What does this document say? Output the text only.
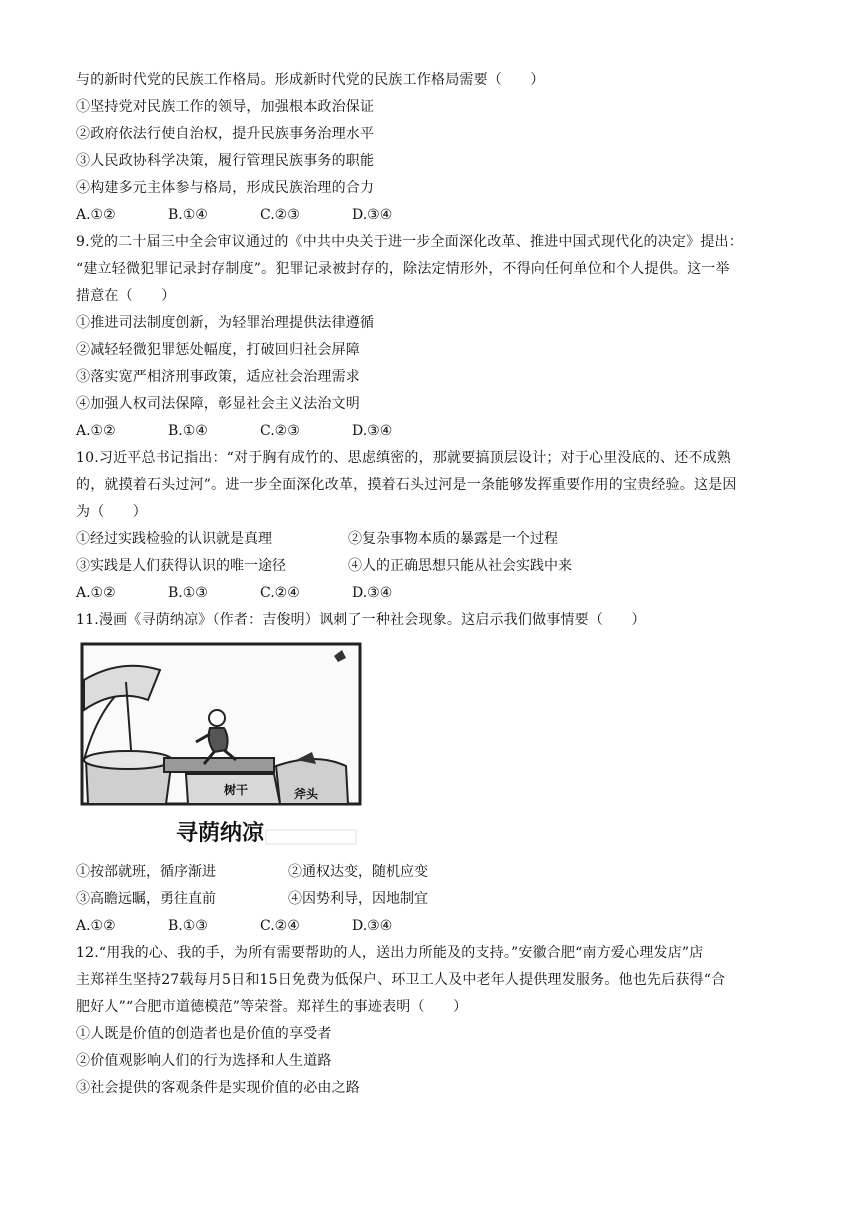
与的新时代党的民族工作格局。形成新时代党的民族工作格局需要（　　）
①坚持党对民族工作的领导，加强根本政治保证
②政府依法行使自治权，提升民族事务治理水平
③人民政协科学决策，履行管理民族事务的职能
④构建多元主体参与格局，形成民族治理的合力
A.①②	B.①④	C.②③	D.③④
9.党的二十届三中全会审议通过的《中共中央关于进一步全面深化改革、推进中国式现代化的决定》提出：
“建立轻微犯罪记录封存制度”。犯罪记录被封存的，除法定情形外，不得向任何单位和个人提供。这一举
措意在（　　）
①推进司法制度创新，为轻罪治理提供法律遵循
②减轻轻微犯罪惩处幅度，打破回归社会屏障
③落实宽严相济刑事政策，适应社会治理需求
④加强人权司法保障，彰显社会主义法治文明
A.①②	B.①④	C.②③	D.③④
10.习近平总书记指出：“对于胸有成竹的、思虑缜密的，那就要搞顶层设计；对于心里没底的、还不成熟
的，就摸着石头过河”。进一步全面深化改革，摸着石头过河是一条能够发挥重要作用的宝贵经验。这是因
为（　　）
①经过实践检验的认识就是真理	②复杂事物本质的暴露是一个过程
③实践是人们获得认识的唯一途径	④人的正确思想只能从社会实践中来
A.①②	B.①③	C.②④	D.③④
11.漫画《寻荫纳凉》（作者：吉俊明）讽刺了一种社会现象。这启示我们做事情要（　　）
树干	斧头
寻荫纳凉
①按部就班，循序渐进	②通权达变，随机应变
③高瞻远瞩，勇往直前	④因势利导，因地制宜
A.①②	B.①③	C.②④	D.③④
12.“用我的心、我的手，为所有需要帮助的人，送出力所能及的支持。”安徽合肥“南方爱心理发店”店
主郑祥生坚持27载每月5日和15日免费为低保户、环卫工人及中老年人提供理发服务。他也先后获得“合
肥好人”“合肥市道德模范”等荣誉。郑祥生的事迹表明（　　）
①人既是价值的创造者也是价值的享受者
②价值观影响人们的行为选择和人生道路
③社会提供的客观条件是实现价值的必由之路
